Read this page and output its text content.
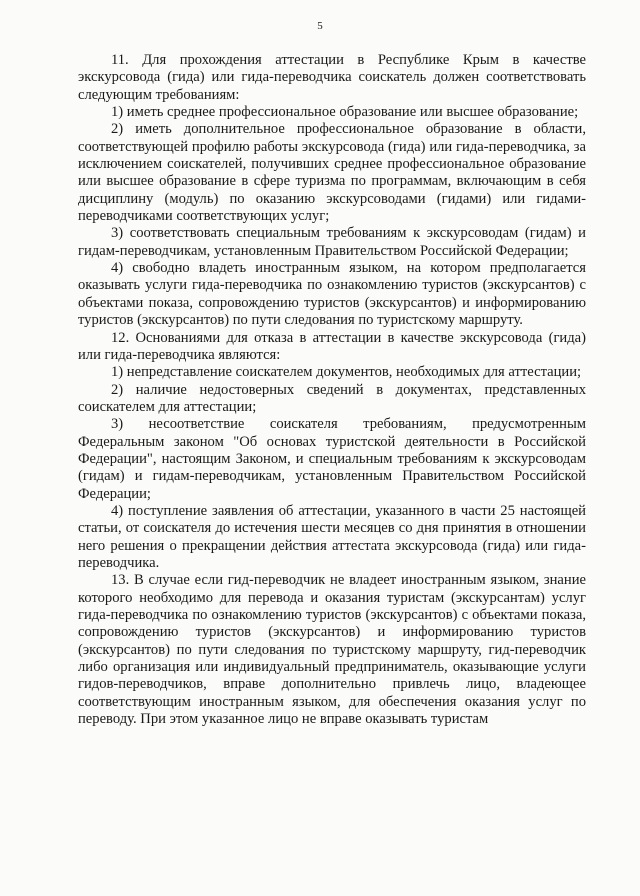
5

11. Для прохождения аттестации в Республике Крым в качестве экскурсовода (гида) или гида-переводчика соискатель должен соответствовать следующим требованиям:

1) иметь среднее профессиональное образование или высшее образование;

2) иметь дополнительное профессиональное образование в области, соответствующей профилю работы экскурсовода (гида) или гида-переводчика, за исключением соискателей, получивших среднее профессиональное образование или высшее образование в сфере туризма по программам, включающим в себя дисциплину (модуль) по оказанию экскурсоводами (гидами) или гидами-переводчиками соответствующих услуг;

3) соответствовать специальным требованиям к экскурсоводам (гидам) и гидам-переводчикам, установленным Правительством Российской Федерации;

4) свободно владеть иностранным языком, на котором предполагается оказывать услуги гида-переводчика по ознакомлению туристов (экскурсантов) с объектами показа, сопровождению туристов (экскурсантов) и информированию туристов (экскурсантов) по пути следования по туристскому маршруту.

12. Основаниями для отказа в аттестации в качестве экскурсовода (гида) или гида-переводчика являются:

1) непредставление соискателем документов, необходимых для аттестации;

2) наличие недостоверных сведений в документах, представленных соискателем для аттестации;

3) несоответствие соискателя требованиям, предусмотренным Федеральным законом "Об основах туристской деятельности в Российской Федерации", настоящим Законом, и специальным требованиям к экскурсоводам (гидам) и гидам-переводчикам, установленным Правительством Российской Федерации;

4) поступление заявления об аттестации, указанного в части 25 настоящей статьи, от соискателя до истечения шести месяцев со дня принятия в отношении него решения о прекращении действия аттестата экскурсовода (гида) или гида-переводчика.

13. В случае если гид-переводчик не владеет иностранным языком, знание которого необходимо для перевода и оказания туристам (экскурсантам) услуг гида-переводчика по ознакомлению туристов (экскурсантов) с объектами показа, сопровождению туристов (экскурсантов) и информированию туристов (экскурсантов) по пути следования по туристскому маршруту, гид-переводчик либо организация или индивидуальный предприниматель, оказывающие услуги гидов-переводчиков, вправе дополнительно привлечь лицо, владеющее соответствующим иностранным языком, для обеспечения оказания услуг по переводу. При этом указанное лицо не вправе оказывать туристам
